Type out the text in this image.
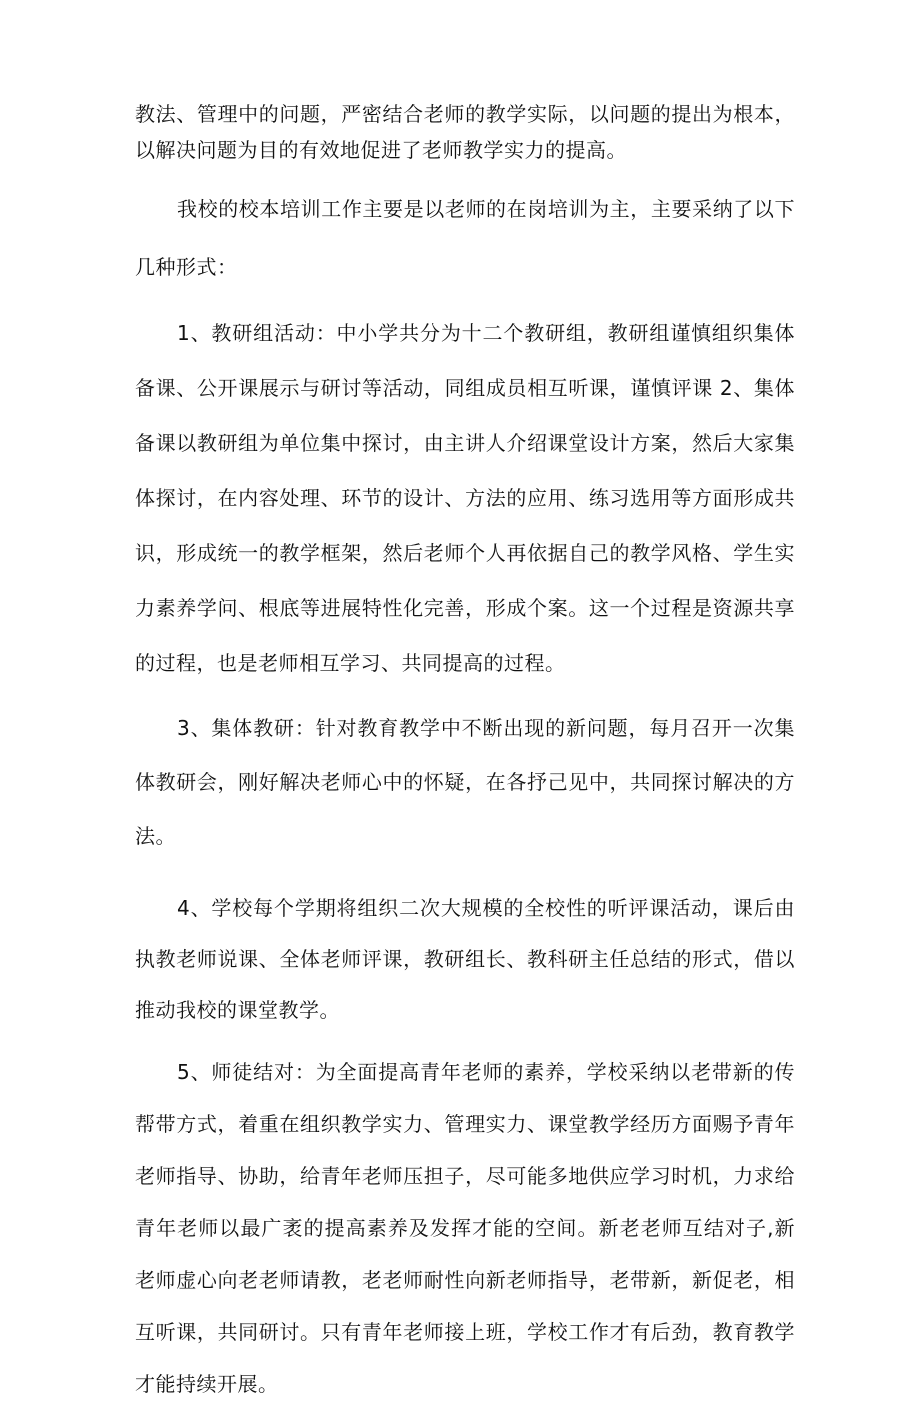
教法、管理中的问题，严密结合老师的教学实际，以问题的提出为根本，以解决问题为目的有效地促进了老师教学实力的提高。

我校的校本培训工作主要是以老师的在岗培训为主，主要采纳了以下几种形式：

1、教研组活动：中小学共分为十二个教研组，教研组谨慎组织集体备课、公开课展示与研讨等活动，同组成员相互听课，谨慎评课 2、集体备课以教研组为单位集中探讨，由主讲人介绍课堂设计方案，然后大家集体探讨，在内容处理、环节的设计、方法的应用、练习选用等方面形成共识，形成统一的教学框架，然后老师个人再依据自己的教学风格、学生实力素养学问、根底等进展特性化完善，形成个案。这一个过程是资源共享的过程，也是老师相互学习、共同提高的过程。

3、集体教研：针对教育教学中不断出现的新问题，每月召开一次集体教研会，刚好解决老师心中的怀疑，在各抒己见中，共同探讨解决的方法。

4、学校每个学期将组织二次大规模的全校性的听评课活动，课后由执教老师说课、全体老师评课，教研组长、教科研主任总结的形式，借以推动我校的课堂教学。

5、师徒结对：为全面提高青年老师的素养，学校采纳以老带新的传帮带方式，着重在组织教学实力、管理实力、课堂教学经历方面赐予青年老师指导、协助，给青年老师压担子，尽可能多地供应学习时机，力求给青年老师以最广袤的提高素养及发挥才能的空间。新老老师互结对子,新老师虚心向老老师请教，老老师耐性向新老师指导，老带新，新促老，相互听课，共同研讨。只有青年老师接上班，学校工作才有后劲，教育教学才能持续开展。
